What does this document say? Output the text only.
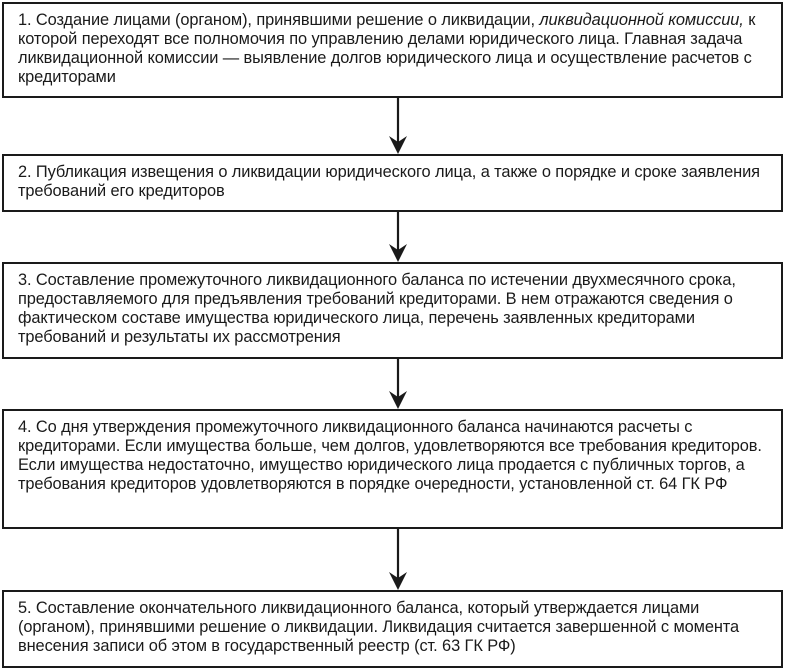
1. Создание лицами (органом), принявшими решение о ликвидации, ликвидационной комиссии, к которой переходят все полномочия по управлению делами юридического лица. Главная задача ликвидационной комиссии — выявление долгов юридического лица и осуществление расчетов с кредиторами

2. Публикация извещения о ликвидации юридического лица, а также о порядке и сроке заявления требований его кредиторов

3. Составление промежуточного ликвидационного баланса по истечении двухмесячного срока, предоставляемого для предъявления требований кредиторами. В нем отражаются сведения о фактическом составе имущества юридического лица, перечень заявленных кредиторами требований и результаты их рассмотрения

4. Со дня утверждения промежуточного ликвидационного баланса начинаются расчеты с кредиторами. Если имущества больше, чем долгов, удовлетворяются все требования кредиторов. Если имущества недостаточно, имущество юридического лица продается с публичных торгов, а требования кредиторов удовлетворяются в порядке очередности, установленной ст. 64 ГК РФ

5. Составление окончательного ликвидационного баланса, который утверждается лицами (органом), принявшими решение о ликвидации. Ликвидация считается завершенной с момента внесения записи об этом в государственный реестр (ст. 63 ГК РФ)
